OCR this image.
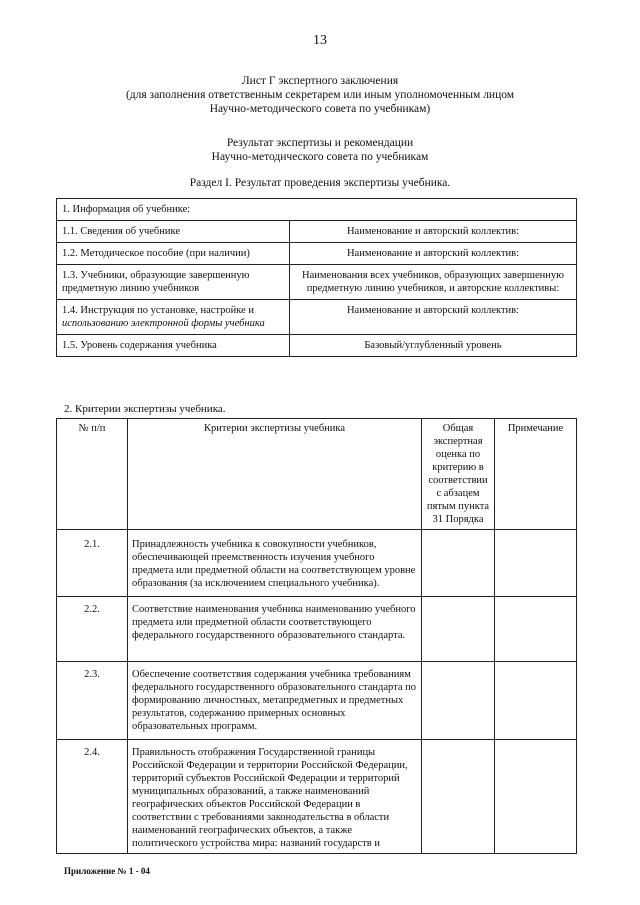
13
Лист Г экспертного заключения
(для заполнения ответственным секретарем или иным уполномоченным лицом
Научно-методического совета по учебникам)
Результат экспертизы и рекомендации
Научно-методического совета по учебникам
Раздел I. Результат проведения экспертизы учебника.
1. Информация об учебнике:	
1.1. Сведения об учебнике	Наименование и авторский коллектив:
1.2. Методическое пособие (при наличии)	Наименование и авторский коллектив:
1.3. Учебники, образующие завершенную предметную линию учебников	Наименования всех учебников, образующих завершенную предметную линию учебников, и авторские коллективы:

1.4. Инструкция по установке, настройке и
использованию электронной формы учебника	Наименование и авторский коллектив:
1.5. Уровень содержания учебника	Базовый/углубленный уровень
2. Критерии экспертизы учебника.
№ п/п	Критерии экспертизы учебника	Общая экспертная оценка по критерию в соответствии с абзацем пятым пункта 31 Порядка	Примечание
2.1.	Принадлежность учебника к совокупности учебников, обеспечивающей преемственность изучения учебного предмета или предметной области на соответствующем уровне образования (за исключением специального учебника).		
2.2.	Соответствие наименования учебника наименованию учебного предмета или предметной области соответствующего федерального государственного образовательного стандарта.		
2.3.	Обеспечение соответствия содержания учебника требованиям федерального государственного образовательного стандарта по формированию личностных, метапредметных и предметных результатов, содержанию примерных основных образовательных программ.		
2.4.	Правильность отображения Государственной границы Российской Федерации и территории Российской Федерации, территорий субъектов Российской Федерации и территорий муниципальных образований, а также наименований географических объектов Российской Федерации в соответствии с требованиями законодательства в области наименований географических объектов, а также политического устройства мира: названий государств и		
Приложение № 1 - 04
